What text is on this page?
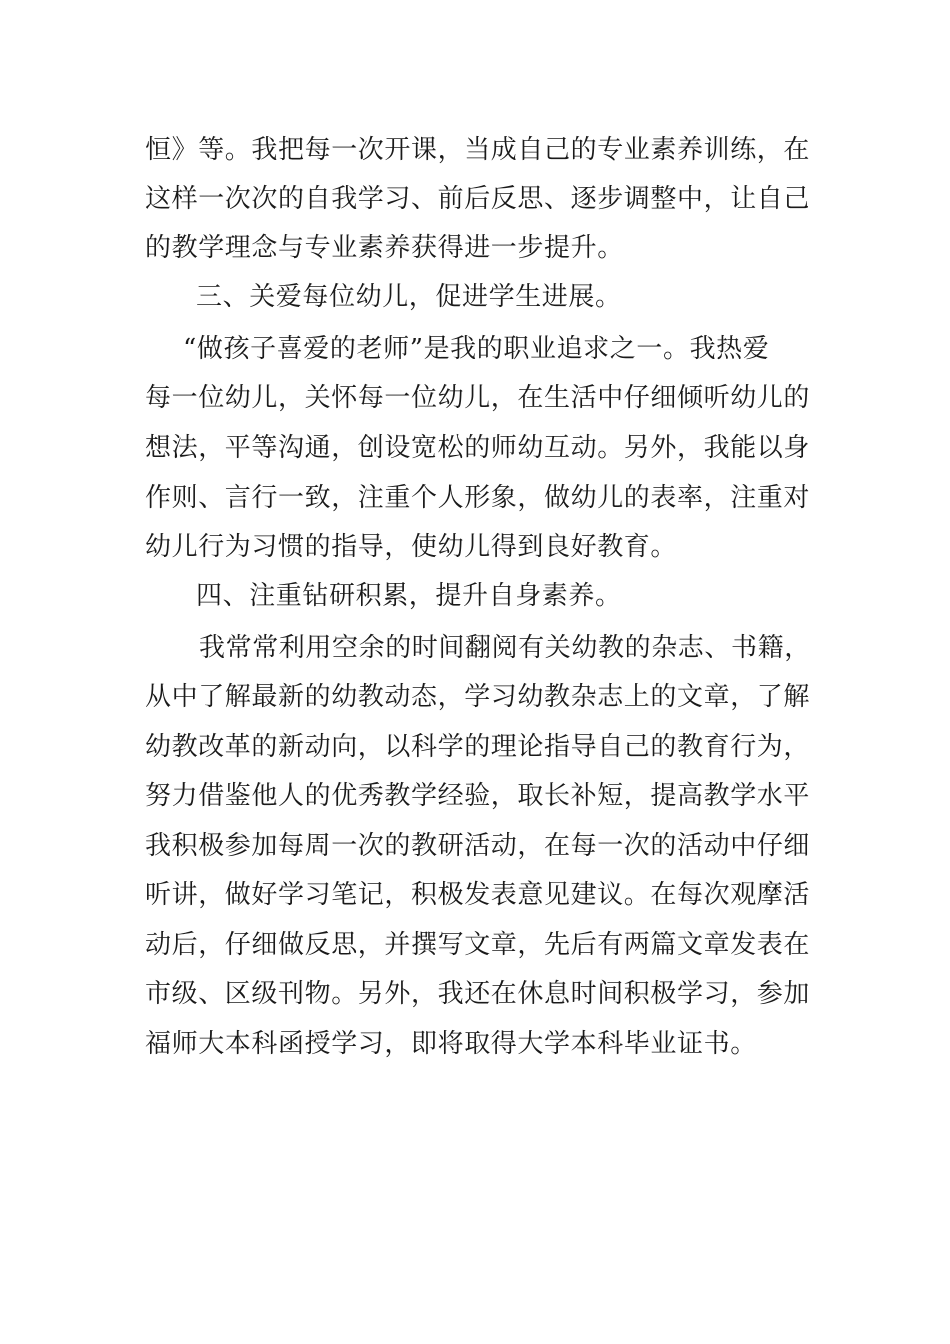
恒》等。我把每一次开课，当成自己的专业素养训练，在
这样一次次的自我学习、前后反思、逐步调整中，让自己
的教学理念与专业素养获得进一步提升。
三、关爱每位幼儿，促进学生进展。
“做孩子喜爱的老师”是我的职业追求之一。我热爱
每一位幼儿，关怀每一位幼儿，在生活中仔细倾听幼儿的
想法，平等沟通，创设宽松的师幼互动。另外，我能以身
作则、言行一致，注重个人形象，做幼儿的表率，注重对
幼儿行为习惯的指导，使幼儿得到良好教育。
四、注重钻研积累，提升自身素养。
我常常利用空余的时间翻阅有关幼教的杂志、书籍，
从中了解最新的幼教动态，学习幼教杂志上的文章，了解
幼教改革的新动向，以科学的理论指导自己的教育行为，
努力借鉴他人的优秀教学经验，取长补短，提高教学水平
我积极参加每周一次的教研活动，在每一次的活动中仔细
听讲，做好学习笔记，积极发表意见建议。在每次观摩活
动后，仔细做反思，并撰写文章，先后有两篇文章发表在
市级、区级刊物。另外，我还在休息时间积极学习，参加
福师大本科函授学习，即将取得大学本科毕业证书。
